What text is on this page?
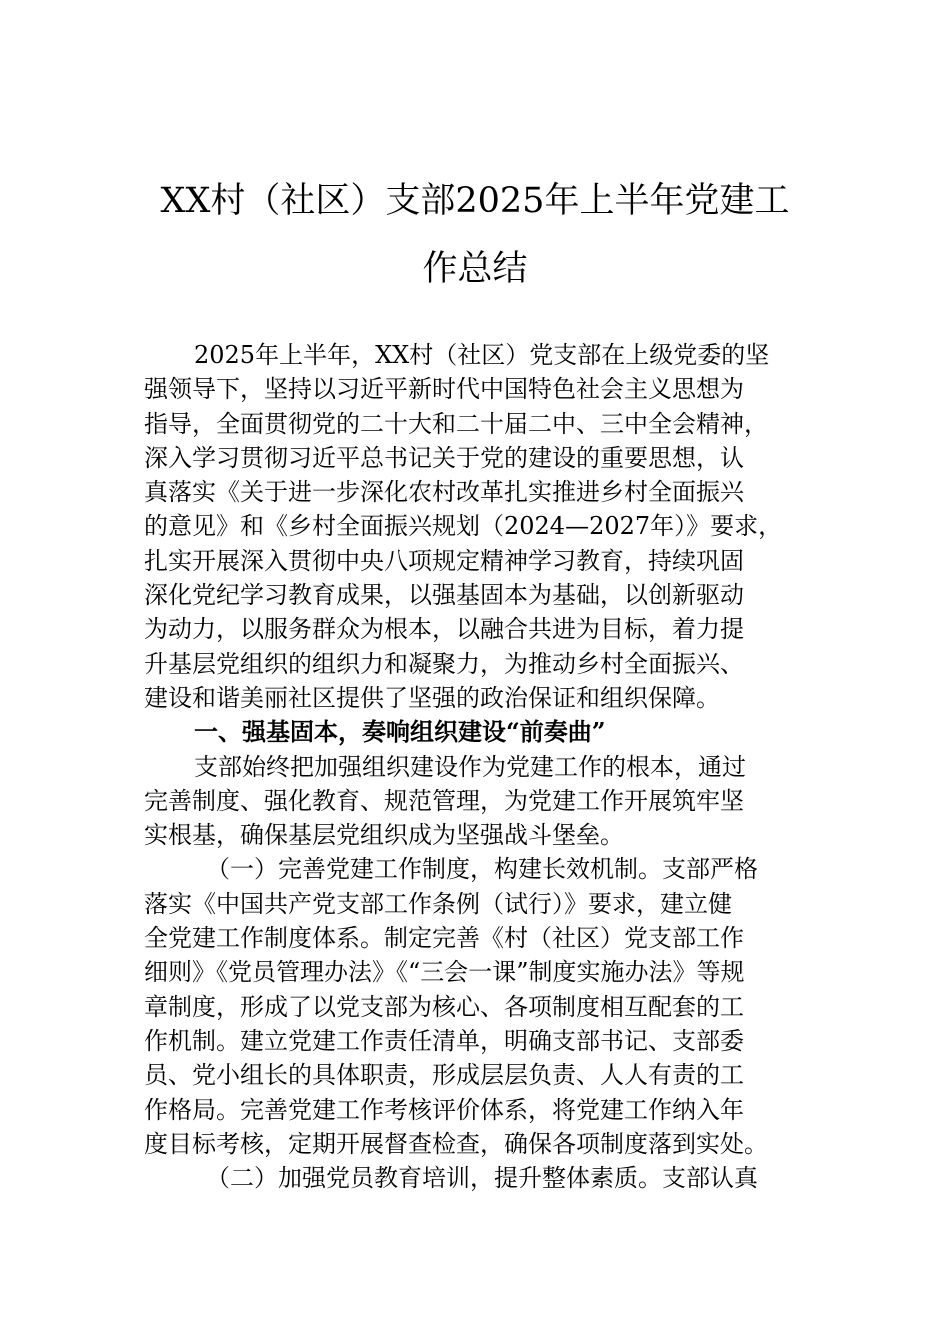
XX村（社区）支部2025年上半年党建工
作总结
2025年上半年，XX村（社区）党支部在上级党委的坚
强领导下，坚持以习近平新时代中国特色社会主义思想为
指导，全面贯彻党的二十大和二十届二中、三中全会精神，
深入学习贯彻习近平总书记关于党的建设的重要思想，认
真落实《关于进一步深化农村改革扎实推进乡村全面振兴
的意见》和《乡村全面振兴规划（2024—2027年）》要求，
扎实开展深入贯彻中央八项规定精神学习教育，持续巩固
深化党纪学习教育成果，以强基固本为基础，以创新驱动
为动力，以服务群众为根本，以融合共进为目标，着力提
升基层党组织的组织力和凝聚力，为推动乡村全面振兴、
建设和谐美丽社区提供了坚强的政治保证和组织保障。
一、强基固本，奏响组织建设“前奏曲”
支部始终把加强组织建设作为党建工作的根本，通过
完善制度、强化教育、规范管理，为党建工作开展筑牢坚
实根基，确保基层党组织成为坚强战斗堡垒。
（一）完善党建工作制度，构建长效机制。支部严格
落实《中国共产党支部工作条例（试行）》要求，建立健
全党建工作制度体系。制定完善《村（社区）党支部工作
细则》《党员管理办法》《“三会一课”制度实施办法》等规
章制度，形成了以党支部为核心、各项制度相互配套的工
作机制。建立党建工作责任清单，明确支部书记、支部委
员、党小组长的具体职责，形成层层负责、人人有责的工
作格局。完善党建工作考核评价体系，将党建工作纳入年
度目标考核，定期开展督查检查，确保各项制度落到实处。
（二）加强党员教育培训，提升整体素质。支部认真
